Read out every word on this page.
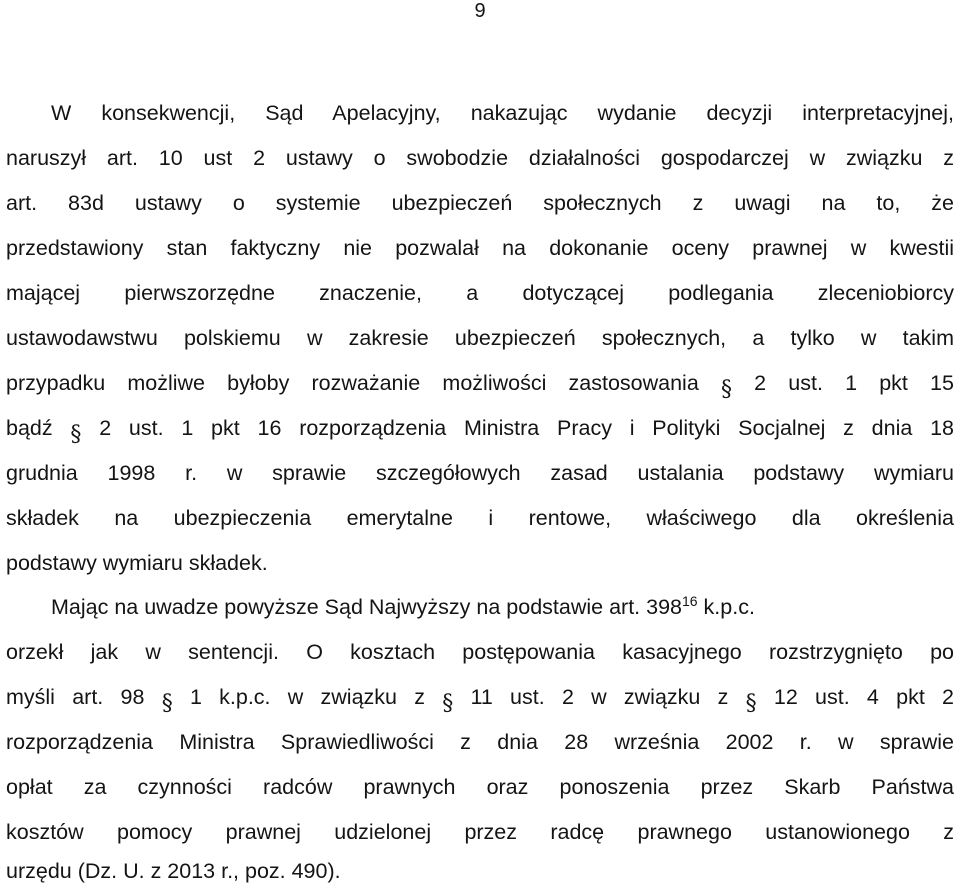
9
W konsekwencji, Sąd Apelacyjny, nakazując wydanie decyzji interpretacyjnej,
naruszył art. 10 ust 2 ustawy o swobodzie działalności gospodarczej w związku z
art. 83d ustawy o systemie ubezpieczeń społecznych z uwagi na to, że
przedstawiony stan faktyczny nie pozwalał na dokonanie oceny prawnej w kwestii
mającej pierwszorzędne znaczenie, a dotyczącej podlegania zleceniobiorcy
ustawodawstwu polskiemu w zakresie ubezpieczeń społecznych, a tylko w takim
przypadku możliwe byłoby rozważanie możliwości zastosowania § 2 ust. 1 pkt 15
bądź § 2 ust. 1 pkt 16 rozporządzenia Ministra Pracy i Polityki Socjalnej z dnia 18
grudnia 1998 r. w sprawie szczegółowych zasad ustalania podstawy wymiaru
składek na ubezpieczenia emerytalne i rentowe, właściwego dla określenia
podstawy wymiaru składek.
Mając na uwadze powyższe Sąd Najwyższy na podstawie art. $398^{16}$ k.p.c.
orzekł jak w sentencji. O kosztach postępowania kasacyjnego rozstrzygnięto po
myśli art. 98 § 1 k.p.c. w związku z § 11 ust. 2 w związku z § 12 ust. 4 pkt 2
rozporządzenia Ministra Sprawiedliwości z dnia 28 września 2002 r. w sprawie
opłat za czynności radców prawnych oraz ponoszenia przez Skarb Państwa
kosztów pomocy prawnej udzielonej przez radcę prawnego ustanowionego z
urzędu (Dz. U. z 2013 r., poz. 490).
